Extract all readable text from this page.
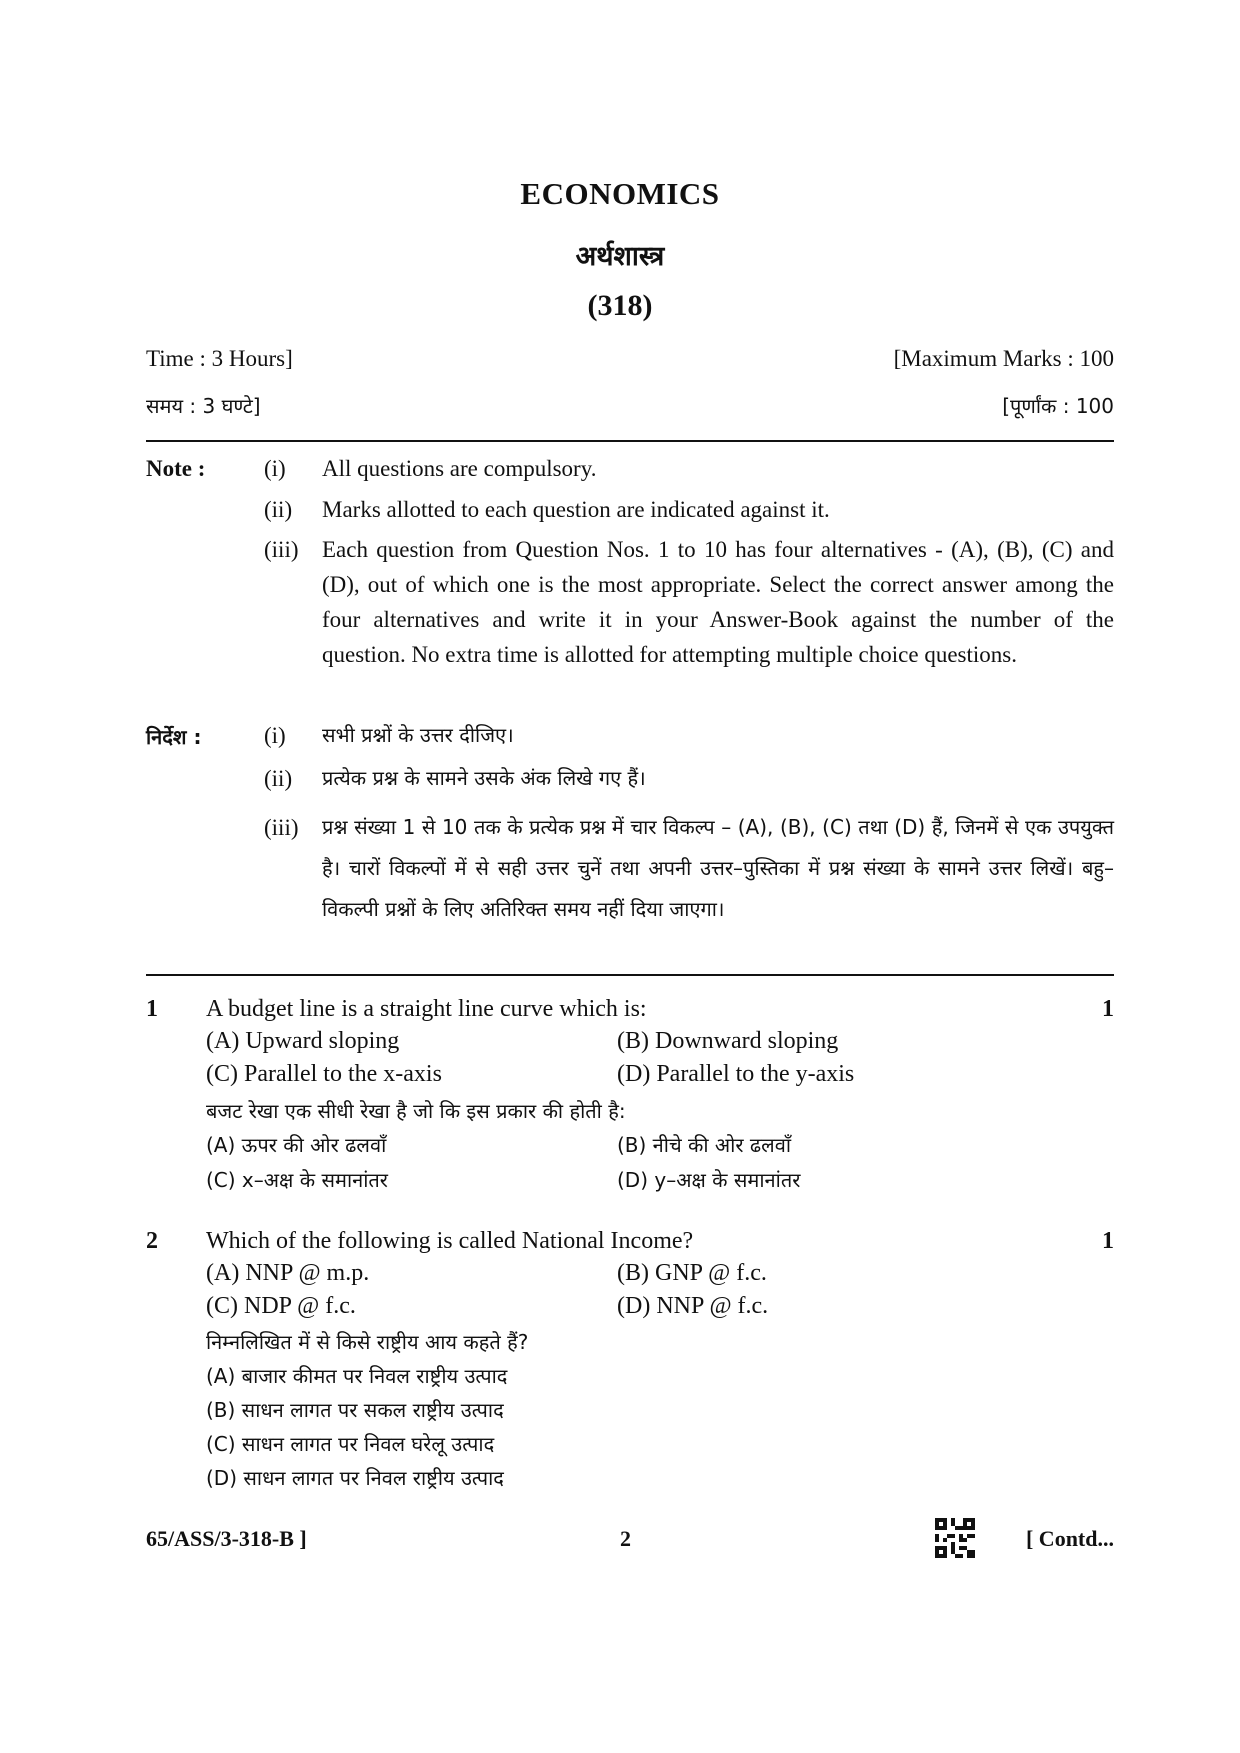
ECONOMICS
अर्थशास्त्र
(318)
Time : 3 Hours]	[Maximum Marks : 100
समय : 3 घण्टे]	[पूर्णांक : 100
Note :	(i) All questions are compulsory.
(ii) Marks allotted to each question are indicated against it.
(iii) Each question from Question Nos. 1 to 10 has four alternatives - (A), (B), (C) and (D), out of which one is the most appropriate. Select the correct answer among the four alternatives and write it in your Answer-Book against the number of the question. No extra time is allotted for attempting multiple choice questions.
निर्देश :	(i) सभी प्रश्नों के उत्तर दीजिए।
(ii) प्रत्येक प्रश्न के सामने उसके अंक लिखे गए हैं।
(iii) प्रश्न संख्या 1 से 10 तक के प्रत्येक प्रश्न में चार विकल्प – (A), (B), (C) तथा (D) हैं, जिनमें से एक उपयुक्त है। चारों विकल्पों में से सही उत्तर चुनें तथा अपनी उत्तर–पुस्तिका में प्रश्न संख्या के सामने उत्तर लिखें। बहु–विकल्पी प्रश्नों के लिए अतिरिक्त समय नहीं दिया जाएगा।
1 A budget line is a straight line curve which is:	1
(A) Upward sloping	(B) Downward sloping
(C) Parallel to the x-axis	(D) Parallel to the y-axis
बजट रेखा एक सीधी रेखा है जो कि इस प्रकार की होती है:
(A) ऊपर की ओर ढलवाँ	(B) नीचे की ओर ढलवाँ
(C) x–अक्ष के समानांतर	(D) y–अक्ष के समानांतर
2 Which of the following is called National Income?	1
(A) NNP @ m.p.	(B) GNP @ f.c.
(C) NDP @ f.c.	(D) NNP @ f.c.
निम्नलिखित में से किसे राष्ट्रीय आय कहते हैं?
(A) बाजार कीमत पर निवल राष्ट्रीय उत्पाद
(B) साधन लागत पर सकल राष्ट्रीय उत्पाद
(C) साधन लागत पर निवल घरेलू उत्पाद
(D) साधन लागत पर निवल राष्ट्रीय उत्पाद
65/ASS/3-318-B ]	2	[ Contd...
